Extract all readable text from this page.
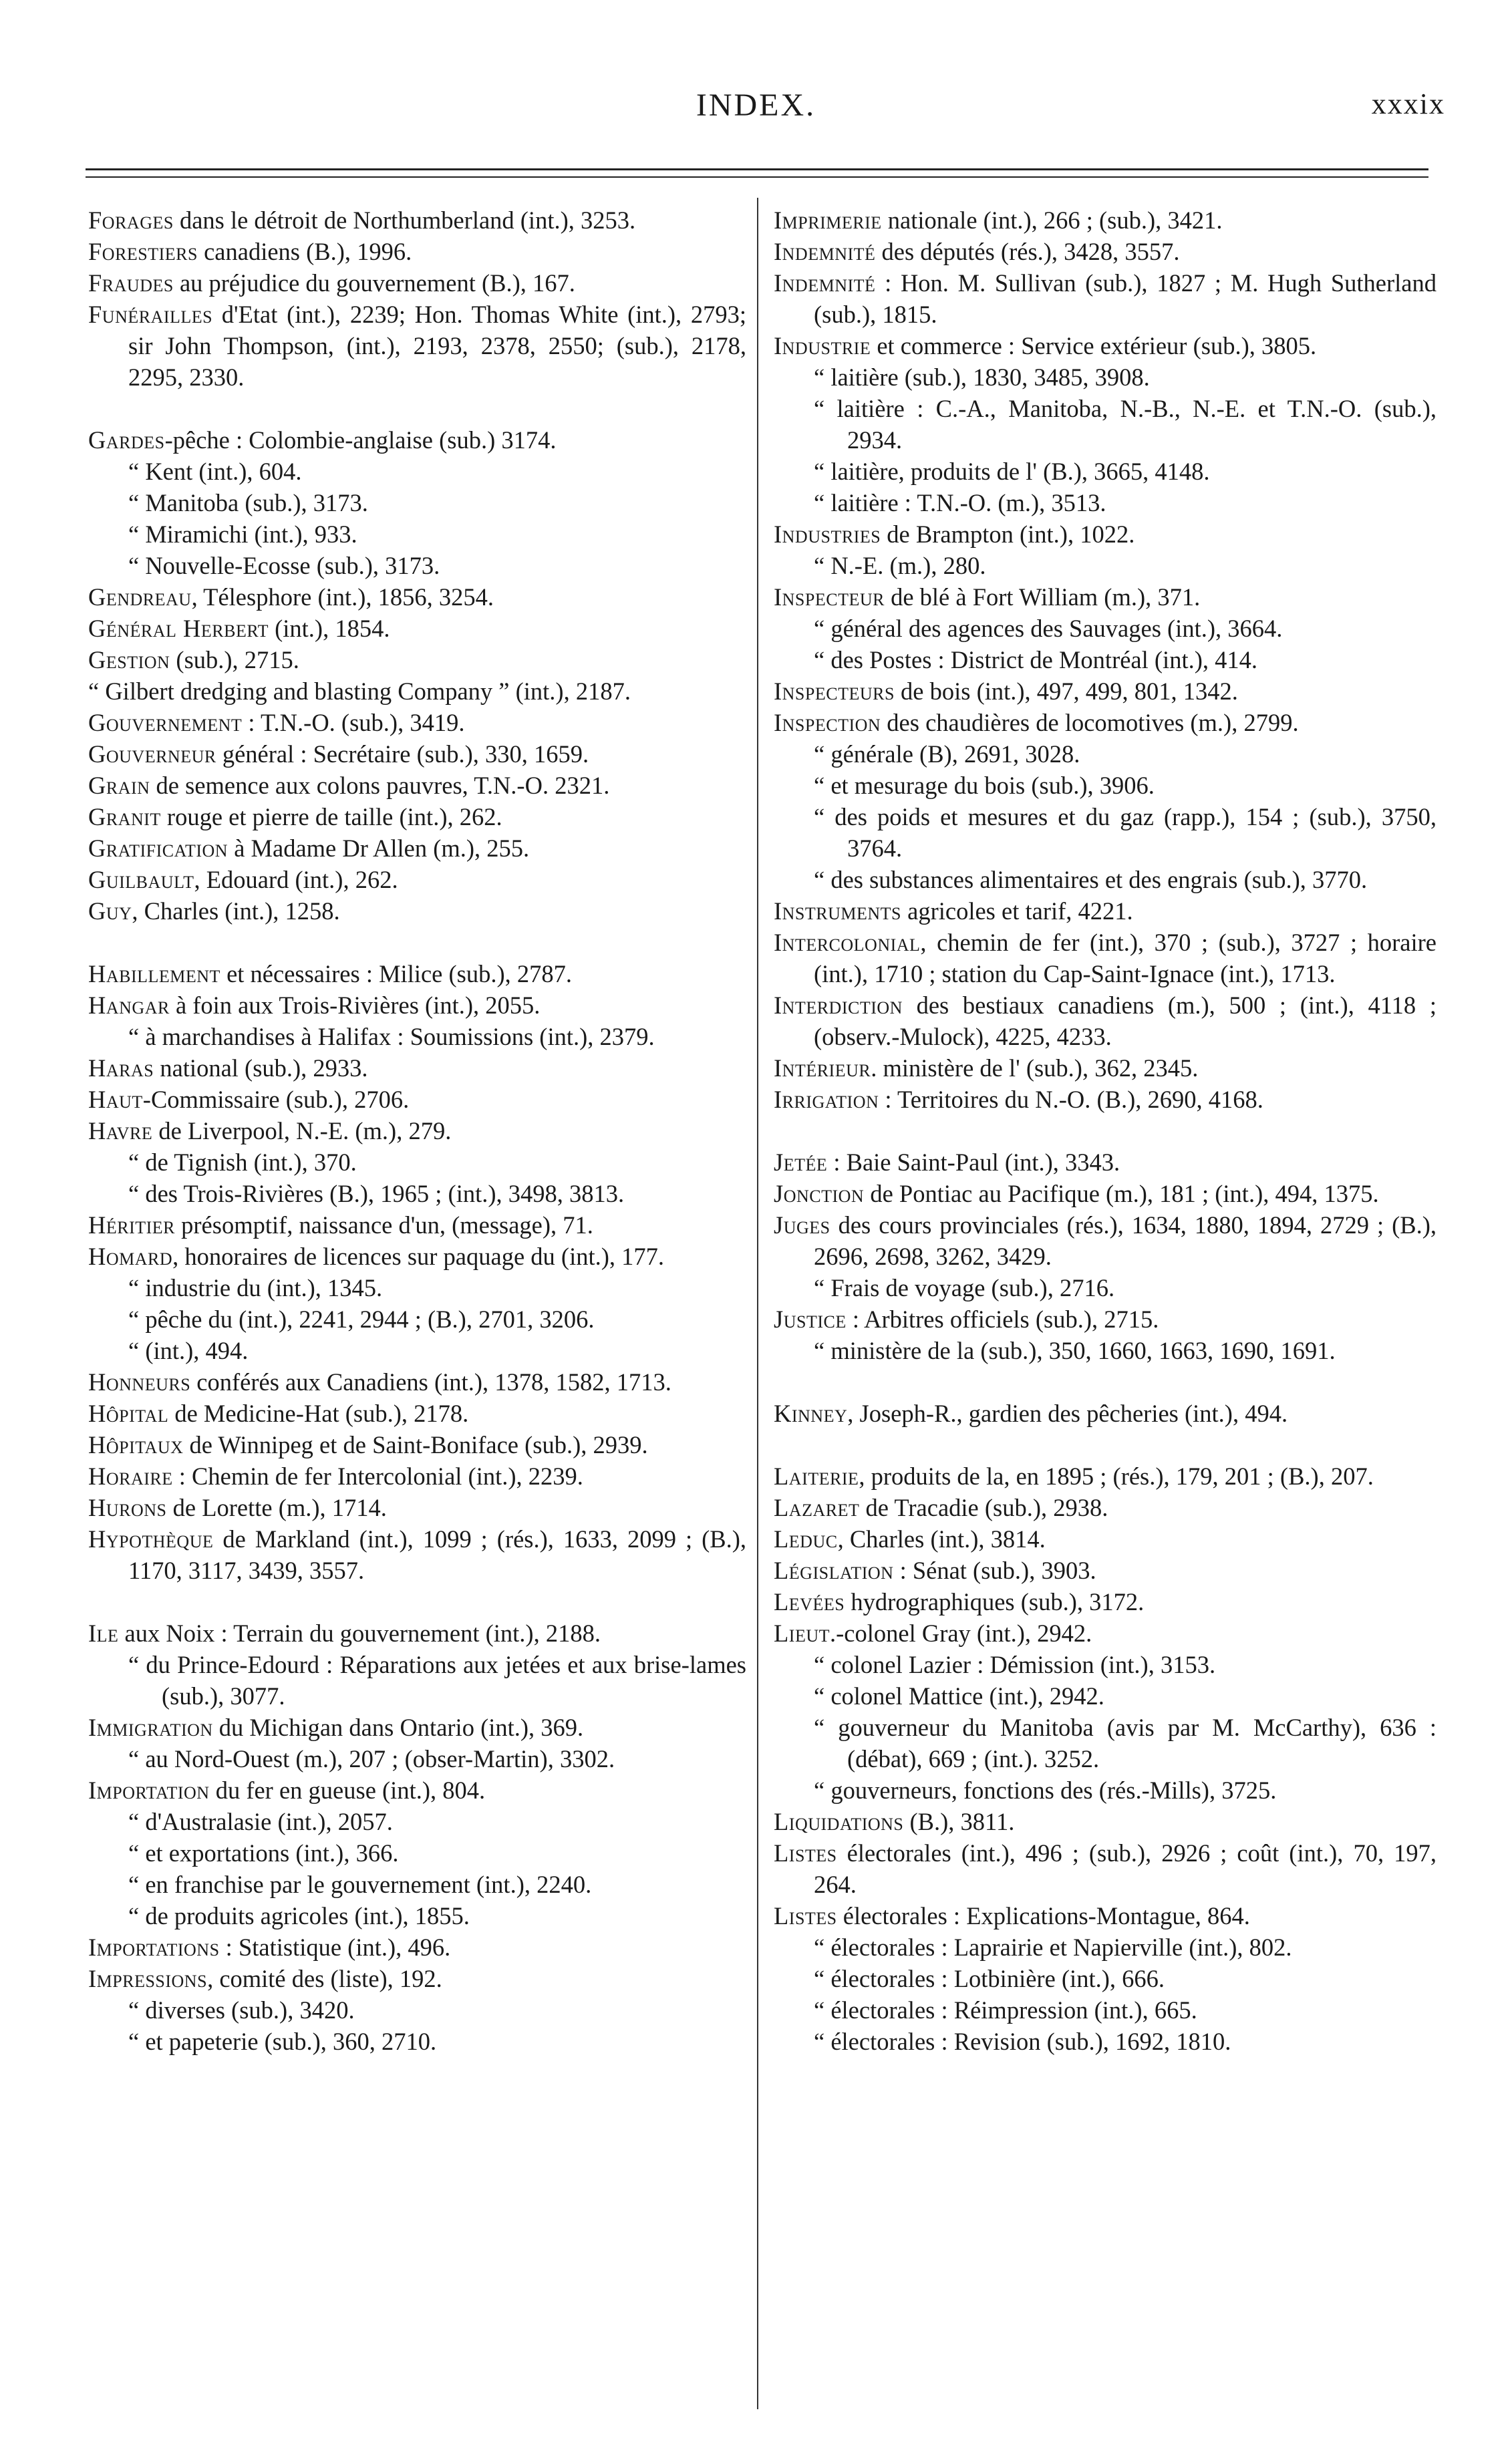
INDEX.	xxxix
Forages dans le détroit de Northumberland (int.), 3253.
Forestiers canadiens (B.), 1996.
Fraudes au préjudice du gouvernement (B.), 167.
Funérailles d'Etat (int.), 2239; Hon. Thomas White (int.), 2793; sir John Thompson, (int.), 2193, 2378, 2550; (sub.), 2178, 2295, 2330.
Gardes-pêche : Colombie-anglaise (sub.) 3174.
“ Kent (int.), 604.
“ Manitoba (sub.), 3173.
“ Miramichi (int.), 933.
“ Nouvelle-Ecosse (sub.), 3173.
Gendreau, Télesphore (int.), 1856, 3254.
Général Herbert (int.), 1854.
Gestion (sub.), 2715.
“ Gilbert dredging and blasting Company ” (int.), 2187.
Gouvernement : T.N.-O. (sub.), 3419.
Gouverneur général : Secrétaire (sub.), 330, 1659.
Grain de semence aux colons pauvres, T.N.-O. 2321.
Granit rouge et pierre de taille (int.), 262.
Gratification à Madame Dr Allen (m.), 255.
Guilbault, Edouard (int.), 262.
Guy, Charles (int.), 1258.
Habillement et nécessaires : Milice (sub.), 2787.
Hangar à foin aux Trois-Rivières (int.), 2055.
“ à marchandises à Halifax : Soumissions (int.), 2379.
Haras national (sub.), 2933.
Haut-Commissaire (sub.), 2706.
Havre de Liverpool, N.-E. (m.), 279.
“ de Tignish (int.), 370.
“ des Trois-Rivières (B.), 1965 ; (int.), 3498, 3813.
Héritier présomptif, naissance d'un, (message), 71.
Homard, honoraires de licences sur paquage du (int.), 177.
“ industrie du (int.), 1345.
“ pêche du (int.), 2241, 2944 ; (B.), 2701, 3206.
“ (int.), 494.
Honneurs conférés aux Canadiens (int.), 1378, 1582, 1713.
Hôpital de Medicine-Hat (sub.), 2178.
Hôpitaux de Winnipeg et de Saint-Boniface (sub.), 2939.
Horaire : Chemin de fer Intercolonial (int.), 2239.
Hurons de Lorette (m.), 1714.
Hypothèque de Markland (int.), 1099 ; (rés.), 1633, 2099 ; (B.), 1170, 3117, 3439, 3557.
Ile aux Noix : Terrain du gouvernement (int.), 2188.
“ du Prince-Edourd : Réparations aux jetées et aux brise-lames (sub.), 3077.
Immigration du Michigan dans Ontario (int.), 369.
“ au Nord-Ouest (m.), 207 ; (obser-Martin), 3302.
Importation du fer en gueuse (int.), 804.
“ d'Australasie (int.), 2057.
“ et exportations (int.), 366.
“ en franchise par le gouvernement (int.), 2240.
“ de produits agricoles (int.), 1855.
Importations : Statistique (int.), 496.
Impressions, comité des (liste), 192.
“ diverses (sub.), 3420.
“ et papeterie (sub.), 360, 2710.
Imprimerie nationale (int.), 266 ; (sub.), 3421.
Indemnité des députés (rés.), 3428, 3557.
Indemnité : Hon. M. Sullivan (sub.), 1827 ; M. Hugh Sutherland (sub.), 1815.
Industrie et commerce : Service extérieur (sub.), 3805.
“ laitière (sub.), 1830, 3485, 3908.
“ laitière : C.-A., Manitoba, N.-B., N.-E. et T.N.-O. (sub.), 2934.
“ laitière, produits de l' (B.), 3665, 4148.
“ laitière : T.N.-O. (m.), 3513.
Industries de Brampton (int.), 1022.
“ N.-E. (m.), 280.
Inspecteur de blé à Fort William (m.), 371.
“ général des agences des Sauvages (int.), 3664.
“ des Postes : District de Montréal (int.), 414.
Inspecteurs de bois (int.), 497, 499, 801, 1342.
Inspection des chaudières de locomotives (m.), 2799.
“ générale (B), 2691, 3028.
“ et mesurage du bois (sub.), 3906.
“ des poids et mesures et du gaz (rapp.), 154 ; (sub.), 3750, 3764.
“ des substances alimentaires et des engrais (sub.), 3770.
Instruments agricoles et tarif, 4221.
Intercolonial, chemin de fer (int.), 370 ; (sub.), 3727 ; horaire (int.), 1710 ; station du Cap-Saint-Ignace (int.), 1713.
Interdiction des bestiaux canadiens (m.), 500 ; (int.), 4118 ; (observ.-Mulock), 4225, 4233.
Intérieur. ministère de l' (sub.), 362, 2345.
Irrigation : Territoires du N.-O. (B.), 2690, 4168.
Jetée : Baie Saint-Paul (int.), 3343.
Jonction de Pontiac au Pacifique (m.), 181 ; (int.), 494, 1375.
Juges des cours provinciales (rés.), 1634, 1880, 1894, 2729 ; (B.), 2696, 2698, 3262, 3429.
“ Frais de voyage (sub.), 2716.
Justice : Arbitres officiels (sub.), 2715.
“ ministère de la (sub.), 350, 1660, 1663, 1690, 1691.
Kinney, Joseph-R., gardien des pêcheries (int.), 494.
Laiterie, produits de la, en 1895 ; (rés.), 179, 201 ; (B.), 207.
Lazaret de Tracadie (sub.), 2938.
Leduc, Charles (int.), 3814.
Législation : Sénat (sub.), 3903.
Levées hydrographiques (sub.), 3172.
Lieut.-colonel Gray (int.), 2942.
“ colonel Lazier : Démission (int.), 3153.
“ colonel Mattice (int.), 2942.
“ gouverneur du Manitoba (avis par M. McCarthy), 636 : (débat), 669 ; (int.). 3252.
“ gouverneurs, fonctions des (rés.-Mills), 3725.
Liquidations (B.), 3811.
Listes électorales (int.), 496 ; (sub.), 2926 ; coût (int.), 70, 197, 264.
Listes électorales : Explications-Montague, 864.
“ électorales : Laprairie et Napierville (int.), 802.
“ électorales : Lotbinière (int.), 666.
“ électorales : Réimpression (int.), 665.
“ électorales : Revision (sub.), 1692, 1810.
